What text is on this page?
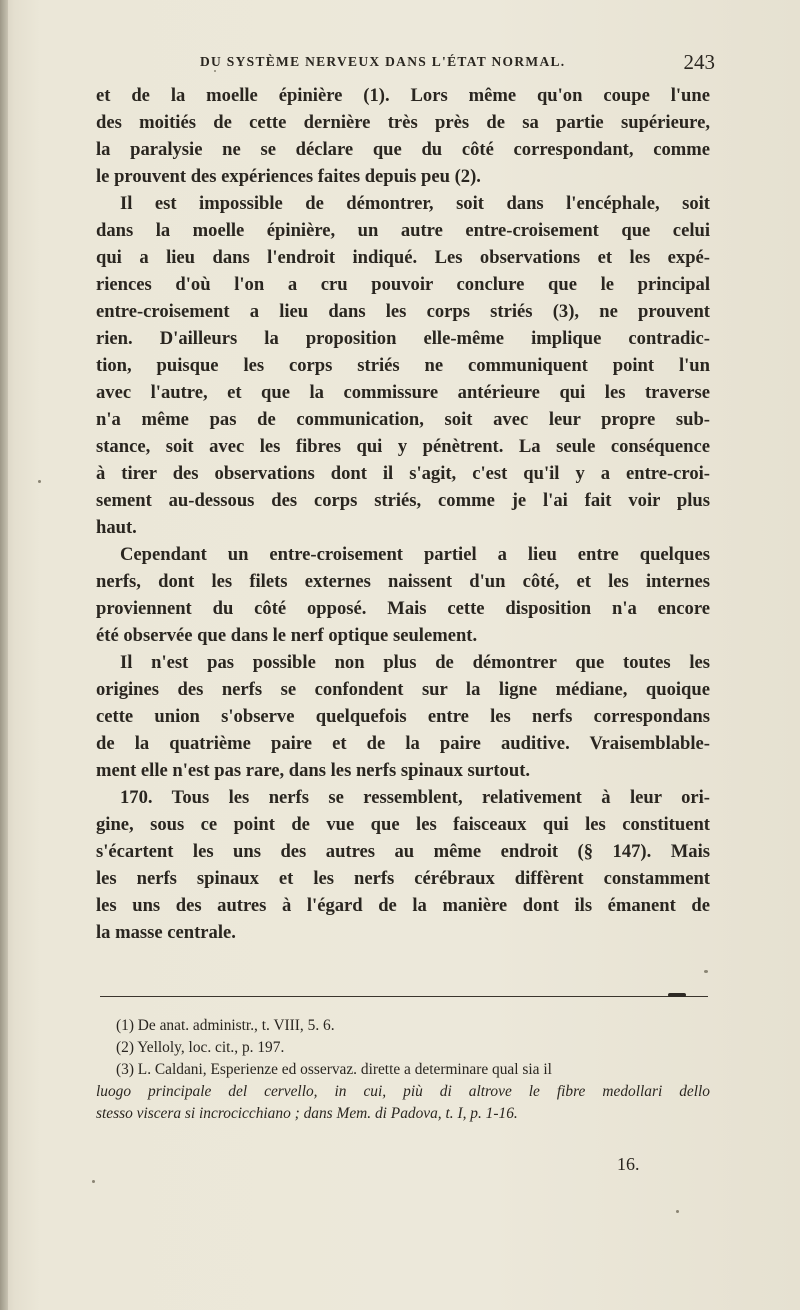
DU SYSTÈME NERVEUX DANS L'ÉTAT NORMAL.	243
et de la moelle épinière (1). Lors même qu'on coupe l'une
des moitiés de cette dernière très près de sa partie supérieure,
la paralysie ne se déclare que du côté correspondant, comme
le prouvent des expériences faites depuis peu (2).
Il est impossible de démontrer, soit dans l'encéphale, soit
dans la moelle épinière, un autre entre-croisement que celui
qui a lieu dans l'endroit indiqué. Les observations et les expé-
riences d'où l'on a cru pouvoir conclure que le principal
entre-croisement a lieu dans les corps striés (3), ne prouvent
rien. D'ailleurs la proposition elle-même implique contradic-
tion, puisque les corps striés ne communiquent point l'un
avec l'autre, et que la commissure antérieure qui les traverse
n'a même pas de communication, soit avec leur propre sub-
stance, soit avec les fibres qui y pénètrent. La seule conséquence
à tirer des observations dont il s'agit, c'est qu'il y a entre-croi-
sement au-dessous des corps striés, comme je l'ai fait voir plus
haut.
Cependant un entre-croisement partiel a lieu entre quelques
nerfs, dont les filets externes naissent d'un côté, et les internes
proviennent du côté opposé. Mais cette disposition n'a encore
été observée que dans le nerf optique seulement.
Il n'est pas possible non plus de démontrer que toutes les
origines des nerfs se confondent sur la ligne médiane, quoique
cette union s'observe quelquefois entre les nerfs correspondans
de la quatrième paire et de la paire auditive. Vraisemblable-
ment elle n'est pas rare, dans les nerfs spinaux surtout.
170. Tous les nerfs se ressemblent, relativement à leur ori-
gine, sous ce point de vue que les faisceaux qui les constituent
s'écartent les uns des autres au même endroit (§ 147). Mais
les nerfs spinaux et les nerfs cérébraux diffèrent constamment
les uns des autres à l'égard de la manière dont ils émanent de
la masse centrale.
(1) De anat. administr., t. VIII, 5. 6.
(2) Yelloly, loc. cit., p. 197.
(3) L. Caldani, Esperienze ed osservaz. dirette a determinare qual sia il
luogo principale del cervello, in cui, più di altrove le fibre medollari dello
stesso viscera si incrocicchiano ; dans Mem. di Padova, t. I, p. 1-16.
16.
